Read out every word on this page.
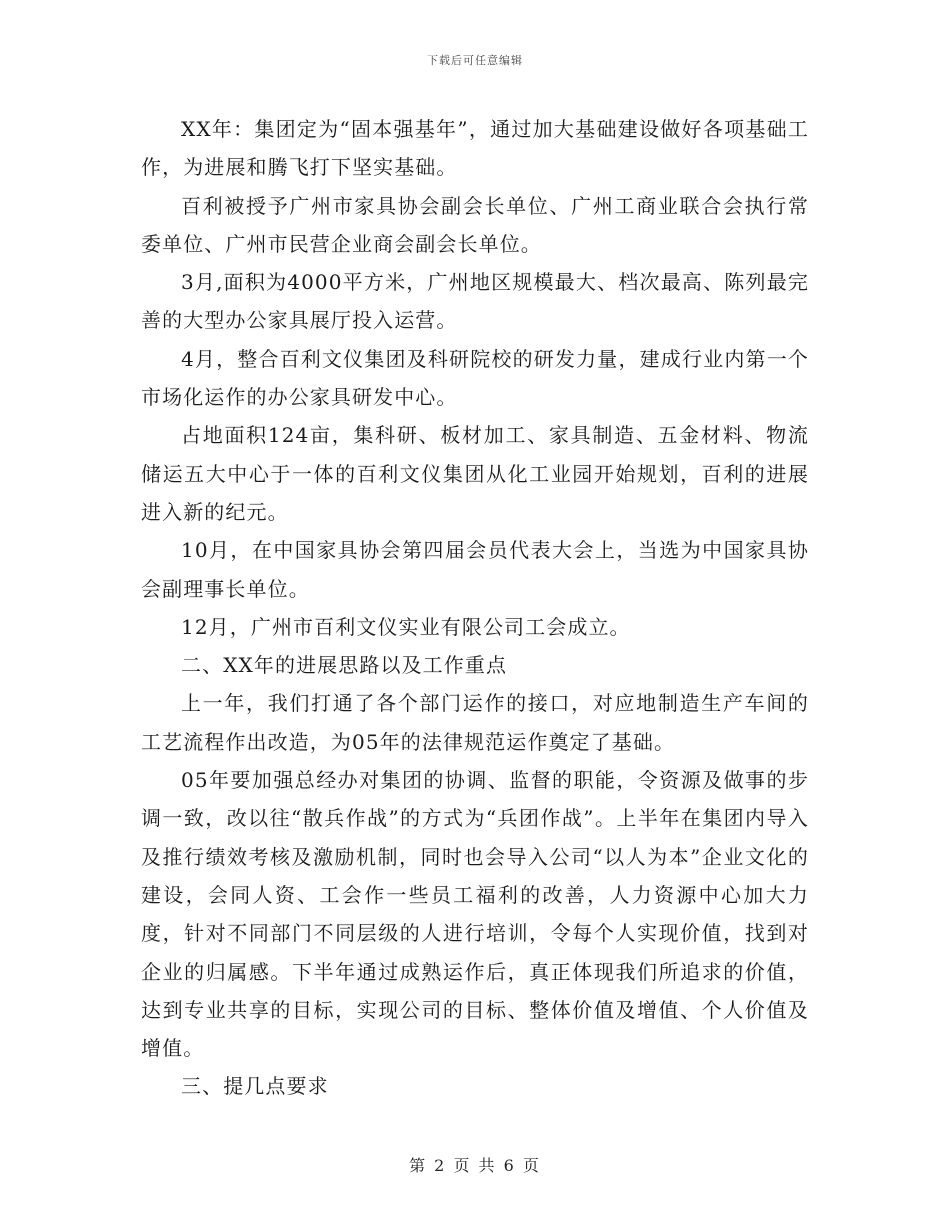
下载后可任意编辑

XX年：集团定为“固本强基年”，通过加大基础建设做好各项基础工作，为进展和腾飞打下坚实基础。

百利被授予广州市家具协会副会长单位、广州工商业联合会执行常委单位、广州市民营企业商会副会长单位。

3月,面积为4000平方米，广州地区规模最大、档次最高、陈列最完善的大型办公家具展厅投入运营。

4月，整合百利文仪集团及科研院校的研发力量，建成行业内第一个市场化运作的办公家具研发中心。

占地面积124亩，集科研、板材加工、家具制造、五金材料、物流储运五大中心于一体的百利文仪集团从化工业园开始规划，百利的进展进入新的纪元。

10月，在中国家具协会第四届会员代表大会上，当选为中国家具协会副理事长单位。

12月，广州市百利文仪实业有限公司工会成立。

二、XX年的进展思路以及工作重点

上一年，我们打通了各个部门运作的接口，对应地制造生产车间的工艺流程作出改造，为05年的法律规范运作奠定了基础。

05年要加强总经办对集团的协调、监督的职能，令资源及做事的步调一致，改以往“散兵作战”的方式为“兵团作战”。上半年在集团内导入及推行绩效考核及激励机制，同时也会导入公司“以人为本”企业文化的建设，会同人资、工会作一些员工福利的改善，人力资源中心加大力度，针对不同部门不同层级的人进行培训，令每个人实现价值，找到对企业的归属感。下半年通过成熟运作后，真正体现我们所追求的价值，达到专业共享的目标，实现公司的目标、整体价值及增值、个人价值及增值。

三、提几点要求

第 2 页 共 6 页
